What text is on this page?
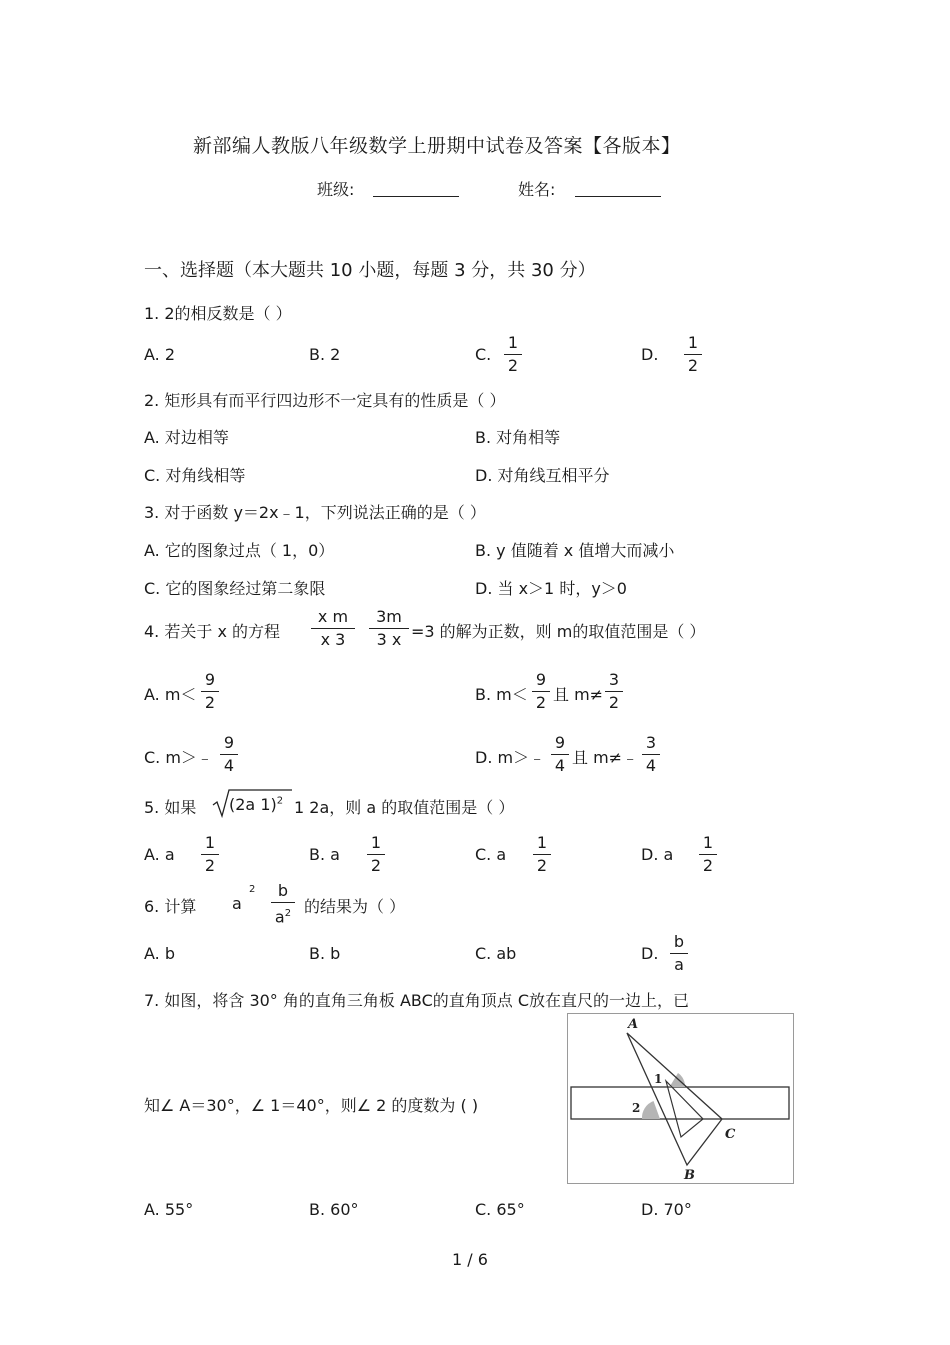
新部编人教版八年级数学上册期中试卷及答案【各版本】
班级:	姓名:
一、选择题（本大题共 10 小题，每题 3 分，共 30 分）
1. 2的相反数是（ ）
A. 2	B. 2	C.
1
2
D.
1
2
2. 矩形具有而平行四边形不一定具有的性质是（ ）
A. 对边相等	B. 对角相等
C. 对角线相等	D. 对角线互相平分
3. 对于函数 y＝2x﹣1，下列说法正确的是（ ）
A. 它的图象过点（ 1，0）	B. y 值随着 x 值增大而减小
C. 它的图象经过第二象限	D. 当 x＞1 时，y＞0
4. 若关于 x 的方程
x m
x 3
3m
3 x =3 的解为正数，则 m的取值范围是（ ）
A. m＜
9
2	B. m＜
9
2 且 m≠
3
2
C. m＞﹣
9
4	D. m＞﹣
9
4 且 m≠﹣
3
4
5. 如果 (2a 1)$^2$ 1 2a，则 a 的取值范围是（ ）
A. a
1
2
B. a
1
2
C. a
1
2
D. a
1
2
6. 计算 a
2	b
$a^2$ 的结果为（ ）
A. b	B. b	C. ab	D.
b
a
7. 如图，将含 30° 角的直角三角板 ABC的直角顶点 C放在直尺的一边上，已
知∠ A＝30°，∠ 1＝40°，则∠ 2 的度数为 ( )
A
B
C
1
2
A. 55°	B. 60°	C. 65°	D. 70°
1 / 6
